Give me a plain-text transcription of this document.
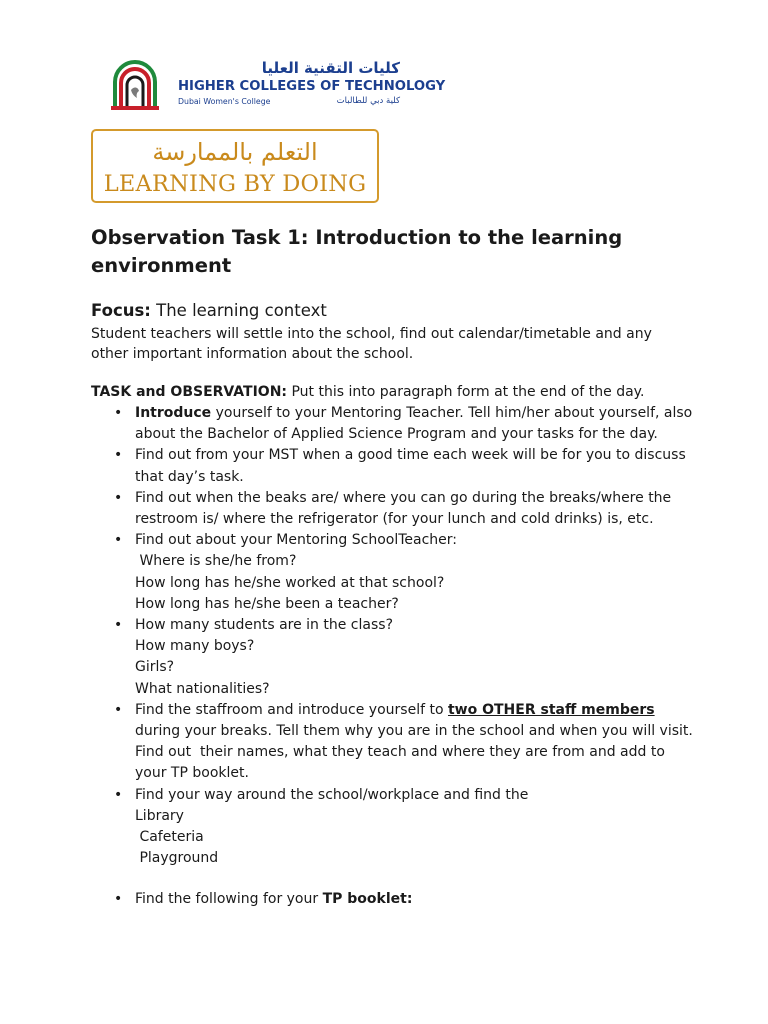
كليات التقنية العليا
HIGHER COLLEGES OF TECHNOLOGY
Dubai Women's College	كلية دبي للطالبات
التعلم بالممارسة
LEARNING BY DOING
Observation Task 1: Introduction to the learning environment

Focus: The learning context

Student teachers will settle into the school, find out calendar/timetable and any other important information about the school.

TASK and OBSERVATION: Put this into paragraph form at the end of the day.

• Introduce yourself to your Mentoring Teacher. Tell him/her about yourself, also
about the Bachelor of Applied Science Program and your tasks for the day.
• Find out from your MST when a good time each week will be for you to discuss
that day’s task.
• Find out when the beaks are/ where you can go during the breaks/where the
restroom is/ where the refrigerator (for your lunch and cold drinks) is, etc.
• Find out about your Mentoring SchoolTeacher:
Where is she/he from?
How long has he/she worked at that school?
How long has he/she been a teacher?
• How many students are in the class?
How many boys?
Girls?
What nationalities?
• Find the staffroom and introduce yourself to two OTHER staff members
during your breaks. Tell them why you are in the school and when you will visit.
Find out  their names, what they teach and where they are from and add to
your TP booklet.
• Find your way around the school/workplace and find the
Library
Cafeteria
Playground
• Find the following for your TP booklet:
